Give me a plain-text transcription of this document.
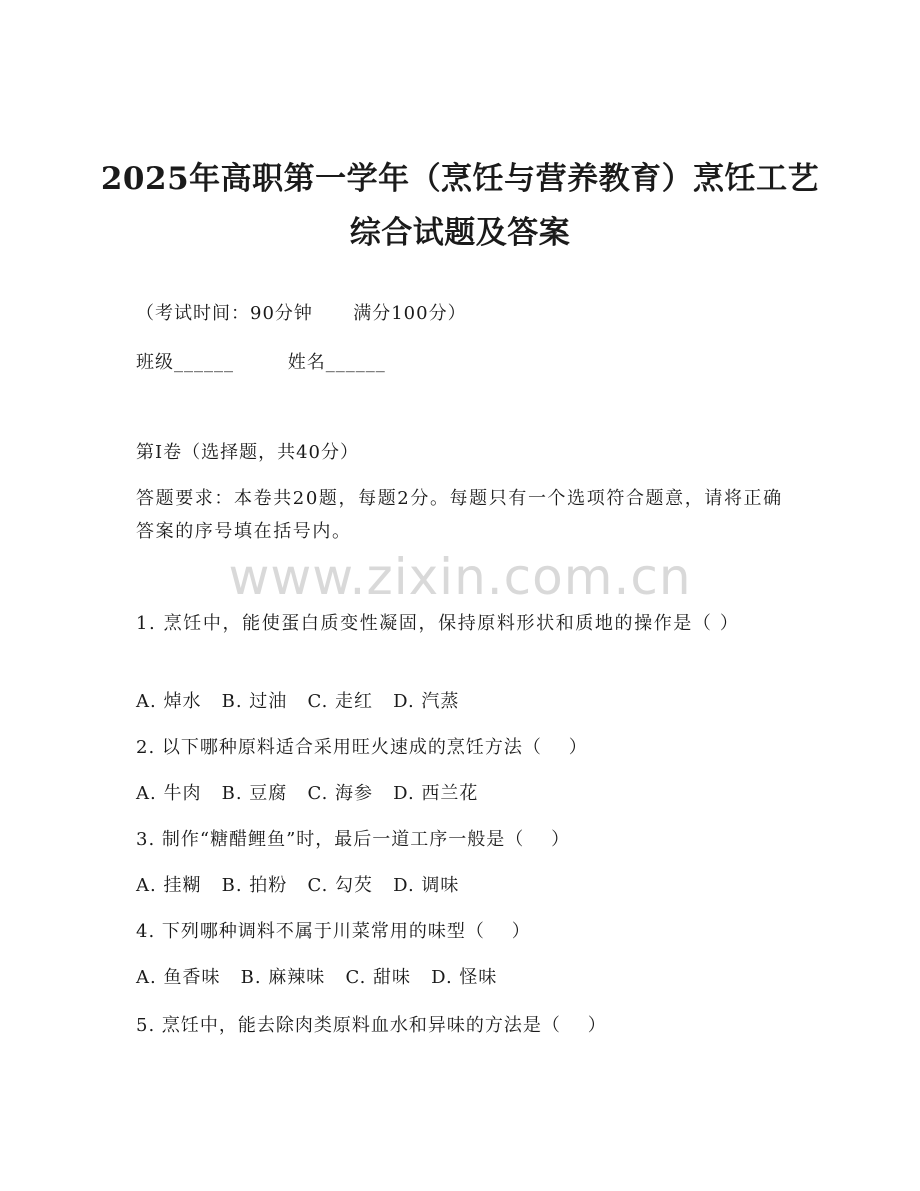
2025年高职第一学年（烹饪与营养教育）烹饪工艺综合试题及答案
（考试时间：90分钟      满分100分）
班级______        姓名______
第I卷（选择题，共40分）
答题要求：本卷共20题，每题2分。每题只有一个选项符合题意，请将正确答案的序号填在括号内。
www.zixin.com.cn
1. 烹饪中，能使蛋白质变性凝固，保持原料形状和质地的操作是（ ）
A. 焯水   B. 过油   C. 走红   D. 汽蒸
2. 以下哪种原料适合采用旺火速成的烹饪方法（    ）
A. 牛肉   B. 豆腐   C. 海参   D. 西兰花
3. 制作“糖醋鲤鱼”时，最后一道工序一般是（    ）
A. 挂糊   B. 拍粉   C. 勾芡   D. 调味
4. 下列哪种调料不属于川菜常用的味型（    ）
A. 鱼香味   B. 麻辣味   C. 甜味   D. 怪味
5. 烹饪中，能去除肉类原料血水和异味的方法是（    ）
